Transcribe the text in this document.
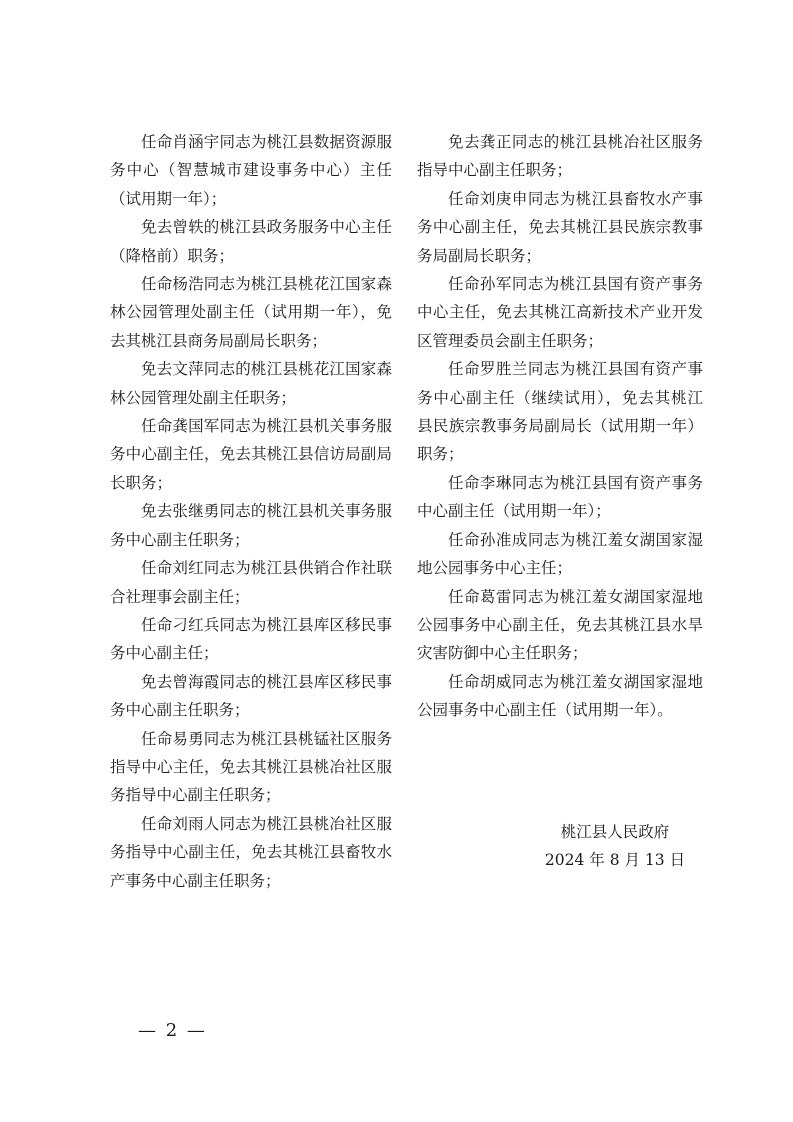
任命肖涵宇同志为桃江县数据资源服务中心（智慧城市建设事务中心）主任（试用期一年）；

免去曾轶的桃江县政务服务中心主任（降格前）职务；

任命杨浩同志为桃江县桃花江国家森林公园管理处副主任（试用期一年），免去其桃江县商务局副局长职务；

免去文萍同志的桃江县桃花江国家森林公园管理处副主任职务；

任命龚国军同志为桃江县机关事务服务中心副主任，免去其桃江县信访局副局长职务；

免去张继勇同志的桃江县机关事务服务中心副主任职务；

任命刘红同志为桃江县供销合作社联合社理事会副主任；

任命刁红兵同志为桃江县库区移民事务中心副主任；

免去曾海霞同志的桃江县库区移民事务中心副主任职务；

任命易勇同志为桃江县桃锰社区服务指导中心主任，免去其桃江县桃冶社区服务指导中心副主任职务；

任命刘雨人同志为桃江县桃冶社区服务指导中心副主任，免去其桃江县畜牧水产事务中心副主任职务；

免去龚正同志的桃江县桃冶社区服务指导中心副主任职务；

任命刘庚申同志为桃江县畜牧水产事务中心副主任，免去其桃江县民族宗教事务局副局长职务；

任命孙军同志为桃江县国有资产事务中心主任，免去其桃江高新技术产业开发区管理委员会副主任职务；

任命罗胜兰同志为桃江县国有资产事务中心副主任（继续试用），免去其桃江县民族宗教事务局副局长（试用期一年）职务；

任命李琳同志为桃江县国有资产事务中心副主任（试用期一年）；

任命孙准成同志为桃江羞女湖国家湿地公园事务中心主任；

任命葛雷同志为桃江羞女湖国家湿地公园事务中心副主任，免去其桃江县水旱灾害防御中心主任职务；

任命胡威同志为桃江羞女湖国家湿地公园事务中心副主任（试用期一年）。

桃江县人民政府
2024 年 8 月 13 日
— 2 —
